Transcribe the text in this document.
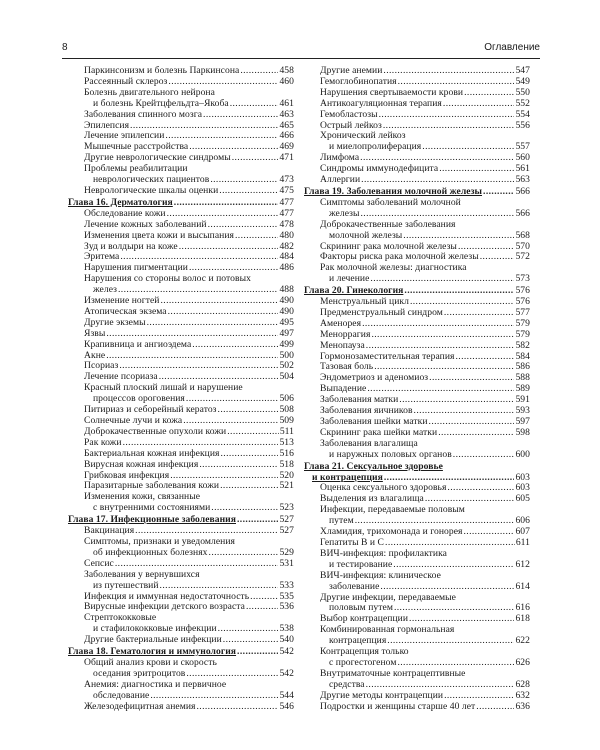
8	Оглавление
Паркинсонизм и болезнь Паркинсона .....	458
Рассеянный склероз .....	460
Болезнь двигательного нейрона
и болезнь Крейтцфельдта–Якоба .....	461
Заболевания спинного мозга .....	463
Эпилепсия .....	465
Лечение эпилепсии .....	466
Мышечные расстройства .....	469
Другие неврологические синдромы .....	471
Проблемы реабилитации
неврологических пациентов .....	473
Неврологические шкалы оценки .....	475
Глава 16. Дерматология .....	477
Обследование кожи .....	477
Лечение кожных заболеваний .....	478
Изменения цвета кожи и высыпания .....	480
Зуд и волдыри на коже .....	482
Эритема .....	484
Нарушения пигментации .....	486
Нарушения со стороны волос и потовых
желез .....	488
Изменение ногтей .....	490
Атопическая экзема .....	490
Другие экземы .....	495
Язвы .....	497
Крапивница и ангиоэдема .....	499
Акне .....	500
Псориаз .....	502
Лечение псориаза .....	504
Красный плоский лишай и нарушение
процессов ороговения .....	506
Питириаз и себорейный кератоз .....	508
Солнечные лучи и кожа .....	509
Доброкачественные опухоли кожи .....	511
Рак кожи .....	513
Бактериальная кожная инфекция .....	516
Вирусная кожная инфекция .....	518
Грибковая инфекция .....	520
Паразитарные заболевания кожи .....	521
Изменения кожи, связанные
с внутренними состояниями .....	523
Глава 17. Инфекционные заболевания .....	527
Вакцинация .....	527
Симптомы, признаки и уведомления
об инфекционных болезнях .....	529
Сепсис .....	531
Заболевания у вернувшихся
из путешествий .....	533
Инфекция и иммунная недостаточность .....	535
Вирусные инфекции детского возраста .....	536
Стрептококковые
и стафилококковые инфекции .....	538
Другие бактериальные инфекции .....	540
Глава 18. Гематология и иммунология .....	542
Общий анализ крови и скорость
оседания эритроцитов .....	542
Анемия: диагностика и первичное
обследование .....	544
Железодефицитная анемия .....	546
Другие анемии .....	547
Гемоглобинопатия .....	549
Нарушения свертываемости крови .....	550
Антикоагуляционная терапия .....	552
Гемобластозы .....	554
Острый лейкоз .....	556
Хронический лейкоз
и миелопролиферация .....	557
Лимфома .....	560
Синдромы иммунодефицита .....	561
Аллергии .....	563
Глава 19. Заболевания молочной железы .....	566
Симптомы заболеваний молочной
железы .....	566
Доброкачественные заболевания
молочной железы .....	568
Скрининг рака молочной железы .....	570
Факторы риска рака молочной железы .....	572
Рак молочной железы: диагностика
и лечение .....	573
Глава 20. Гинекология .....	576
Менструальный цикл .....	576
Предменструальный синдром .....	577
Аменорея .....	579
Меноррагия .....	579
Менопауза .....	582
Гормонозаместительная терапия .....	584
Тазовая боль .....	586
Эндометриоз и аденомиоз .....	588
Выпадение .....	589
Заболевания матки .....	591
Заболевания яичников .....	593
Заболевания шейки матки .....	597
Скрининг рака шейки матки .....	598
Заболевания влагалища
и наружных половых органов .....	600
Глава 21. Сексуальное здоровье
и контрацепция .....	603
Оценка сексуального здоровья .....	603
Выделения из влагалища .....	605
Инфекции, передаваемые половым
путем .....	606
Хламидия, трихомонада и гонорея .....	607
Гепатиты В и С .....	611
ВИЧ-инфекция: профилактика
и тестирование .....	612
ВИЧ-инфекция: клиническое
заболевание .....	614
Другие инфекции, передаваемые
половым путем .....	616
Выбор контрацепции .....	618
Комбинированная гормональная
контрацепция .....	622
Контрацепция только
с прогестогеном .....	626
Внутриматочные контрацептивные
средства .....	628
Другие методы контрацепции .....	632
Подростки и женщины старше 40 лет .....	636
